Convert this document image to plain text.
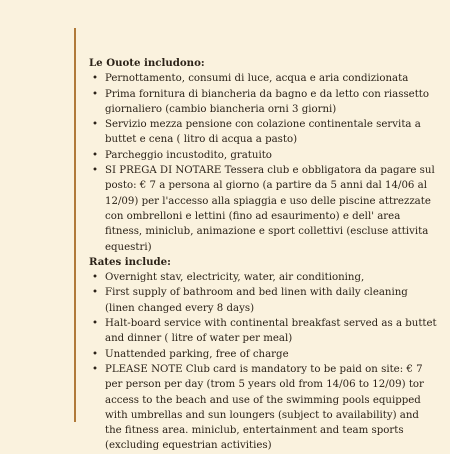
Le Ouote includono:

• Pernottamento, consumi di luce, acqua e aria condizionata
• Prima fornitura di biancheria da bagno e da letto con riassetto giornaliero (cambio biancheria orni 3 giorni)
• Servizio mezza pensione con colazione continentale servita a buttet e cena ( litro di acqua a pasto)
• Parcheggio incustodito, gratuito
• SI PREGA DI NOTARE Tessera club e obbligatora da pagare sul posto: € 7 a persona al giorno (a partire da 5 anni dal 14/06 al 12/09) per l'accesso alla spiaggia e uso delle piscine attrezzate con ombrelloni e lettini (fino ad esaurimento) e dell' area fitness, miniclub, animazione e sport collettivi (escluse attivita equestri)

Rates include:

• Overnight stav, electricity, water, air conditioning,
• First supply of bathroom and bed linen with daily cleaning (linen changed every 8 days)
• Halt-board service with continental breakfast served as a buttet and dinner ( litre of water per meal)
• Unattended parking, free of charge
• PLEASE NOTE Club card is mandatory to be paid on site: € 7 per person per day (trom 5 years old from 14/06 to 12/09) tor access to the beach and use of the swimming pools equipped with umbrellas and sun loungers (subject to availability) and the fitness area. miniclub, entertainment and team sports (excluding equestrian activities)
